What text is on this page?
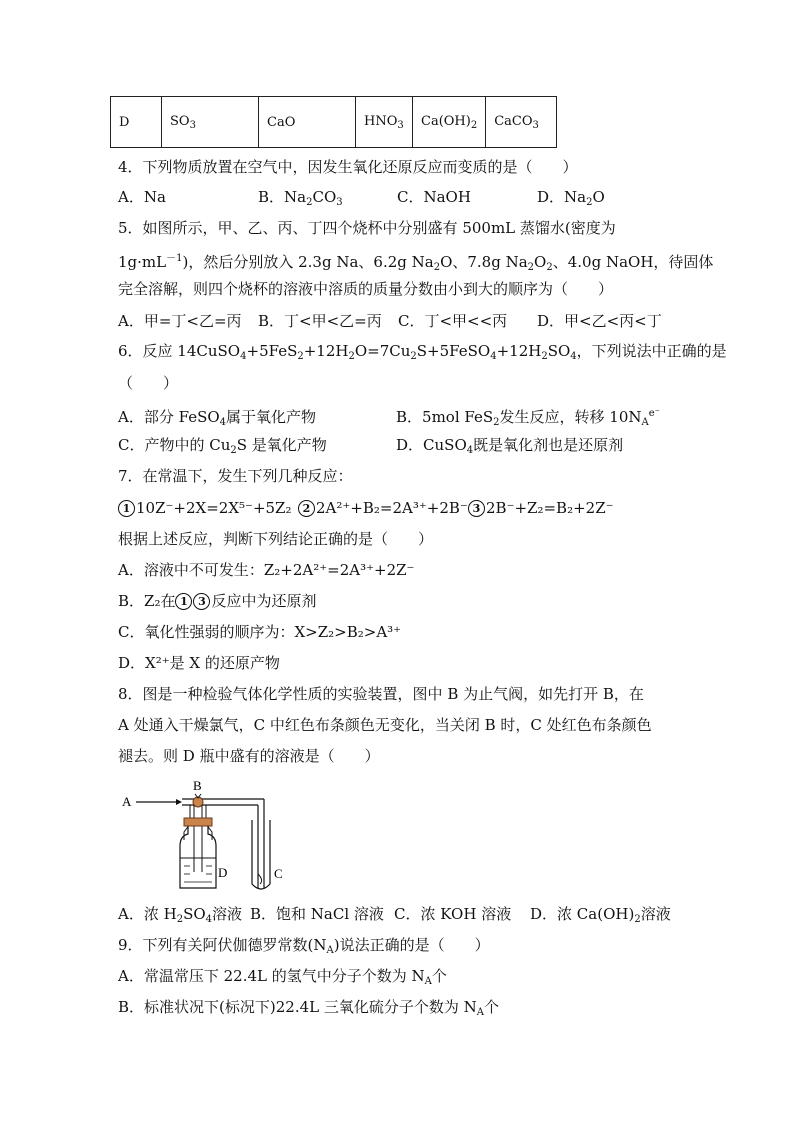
D	$SO_3$	CaO	$HNO_3$	$Ca(OH)_2$	CaCO$_3$
4．下列物质放置在空气中，因发生氧化还原反应而变质的是（　　）
A．Na	B．$Na_2CO_3$	C．NaOH	D．$Na_2O$
5．如图所示，甲、乙、丙、丁四个烧杯中分别盛有 500mL 蒸馏水(密度为
$1g\cdot mL^{-1}$)，然后分别放入 2.3g Na、6.2g $Na_2O$、7.8g $Na_2O_2$、4.0g NaOH，待固体
完全溶解，则四个烧杯的溶液中溶质的质量分数由小到大的顺序为（　　）
A．甲=丁<乙=丙 B．丁<甲<乙=丙 C．丁<甲<<丙 D．甲<乙<丙<丁
6．反应 $14CuSO_4+5FeS_2+12H_2O=7Cu_2S+5FeSO_4+12H_2SO_4$，下列说法中正确的是
（　　）
A．部分 FeSO$_4$属于氧化产物	B．5mol FeS$_2$发生反应，转移 $10N_A^{e^-}$
C．产物中的 $Cu_2S$ 是氧化产物	D．CuSO$_4$既是氧化剂也是还原剂
7．在常温下，发生下列几种反应：
1 10Z⁻+2X=2X⁵⁻+5Z₂ 2 2A²⁺+B₂=2A³⁺+2B⁻ 3 2B⁻+Z₂=B₂+2Z⁻
根据上述反应，判断下列结论正确的是（　　）
A．溶液中不可发生：Z₂+2A²⁺=2A³⁺+2Z⁻
B．Z₂在 1 3 反应中为还原剂
C．氧化性强弱的顺序为：X>Z₂>B₂>A³⁺
D．X²⁺是 X 的还原产物
8．图是一种检验气体化学性质的实验装置，图中 B 为止气阀，如先打开 B，在
A 处通入干燥氯气，C 中红色布条颜色无变化，当关闭 B 时，C 处红色布条颜色
褪去。则 D 瓶中盛有的溶液是（　　）
A
B
D	C
A．浓 $H_2SO_4$溶液 B．饱和 NaCl 溶液 C．浓 KOH 溶液 D．浓 $Ca(OH)_2$溶液
9．下列有关阿伏伽德罗常数$(N_A)$说法正确的是（　　）
A．常温常压下 22.4L 的氢气中分子个数为 $N_A$个
B．标准状况下(标况下)22.4L 三氧化硫分子个数为 $N_A$个
